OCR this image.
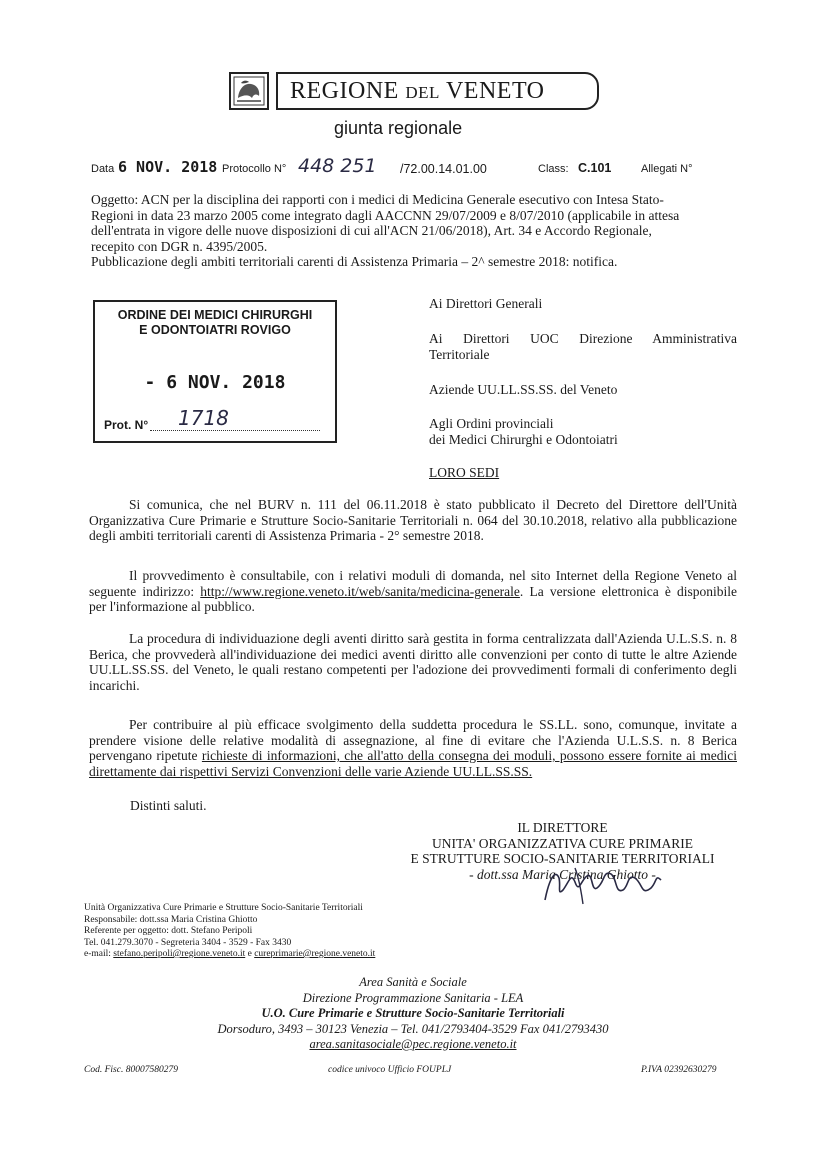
REGIONE DEL VENETO
giunta regionale
Data 6 NOV. 2018 Protocollo N° 448 251 /72.00.14.01.00	Class: C.101	Allegati N°
Oggetto: ACN per la disciplina dei rapporti con i medici di Medicina Generale esecutivo con Intesa Stato-
Regioni in data 23 marzo 2005 come integrato dagli AACCNN 29/07/2009 e 8/07/2010 (applicabile in attesa
dell'entrata in vigore delle nuove disposizioni di cui all'ACN 21/06/2018), Art. 34 e Accordo Regionale,
recepito con DGR n. 4395/2005.
Pubblicazione degli ambiti territoriali carenti di Assistenza Primaria – 2^ semestre 2018: notifica.
ORDINE DEI MEDICI CHIRURGHI
E ODONTOIATRI ROVIGO
- 6 NOV. 2018
Prot. N° 1718
Ai Direttori Generali
Ai Direttori UOC Direzione Amministrativa
Territoriale
Aziende UU.LL.SS.SS. del Veneto
Agli Ordini provinciali
dei Medici Chirurghi e Odontoiatri
LORO SEDI
Si comunica, che nel BURV n. 111 del 06.11.2018 è stato pubblicato il Decreto del Direttore dell'Unità Organizzativa Cure Primarie e Strutture Socio-Sanitarie Territoriali n. 064 del 30.10.2018, relativo alla pubblicazione degli ambiti territoriali carenti di Assistenza Primaria - 2° semestre 2018.
Il provvedimento è consultabile, con i relativi moduli di domanda, nel sito Internet della Regione Veneto al seguente indirizzo: http://www.regione.veneto.it/web/sanita/medicina-generale. La versione elettronica è disponibile per l'informazione al pubblico.
La procedura di individuazione degli aventi diritto sarà gestita in forma centralizzata dall'Azienda U.L.S.S. n. 8 Berica, che provvederà all'individuazione dei medici aventi diritto alle convenzioni per conto di tutte le altre Aziende UU.LL.SS.SS. del Veneto, le quali restano competenti per l'adozione dei provvedimenti formali di conferimento degli incarichi.
Per contribuire al più efficace svolgimento della suddetta procedura le SS.LL. sono, comunque, invitate a prendere visione delle relative modalità di assegnazione, al fine di evitare che l'Azienda U.L.S.S. n. 8 Berica pervengano ripetute richieste di informazioni, che all'atto della consegna dei moduli, possono essere fornite ai medici direttamente dai rispettivi Servizi Convenzioni delle varie Aziende UU.LL.SS.SS.
Distinti saluti.
IL DIRETTORE
UNITA' ORGANIZZATIVA CURE PRIMARIE
E STRUTTURE SOCIO-SANITARIE TERRITORIALI
- dott.ssa Maria Cristina Ghiotto -
Unità Organizzativa Cure Primarie e Strutture Socio-Sanitarie Territoriali
Responsabile: dott.ssa Maria Cristina Ghiotto
Referente per oggetto: dott. Stefano Peripoli
Tel. 041.279.3070 - Segreteria 3404 - 3529 - Fax 3430
e-mail: stefano.peripoli@regione.veneto.it e cureprimarie@regione.veneto.it
Area Sanità e Sociale
Direzione Programmazione Sanitaria - LEA
U.O. Cure Primarie e Strutture Socio-Sanitarie Territoriali
Dorsoduro, 3493 – 30123 Venezia – Tel. 041/2793404-3529 Fax 041/2793430
area.sanitasociale@pec.regione.veneto.it
Cod. Fisc. 80007580279	codice univoco Ufficio FOUPLJ	P.IVA 02392630279
